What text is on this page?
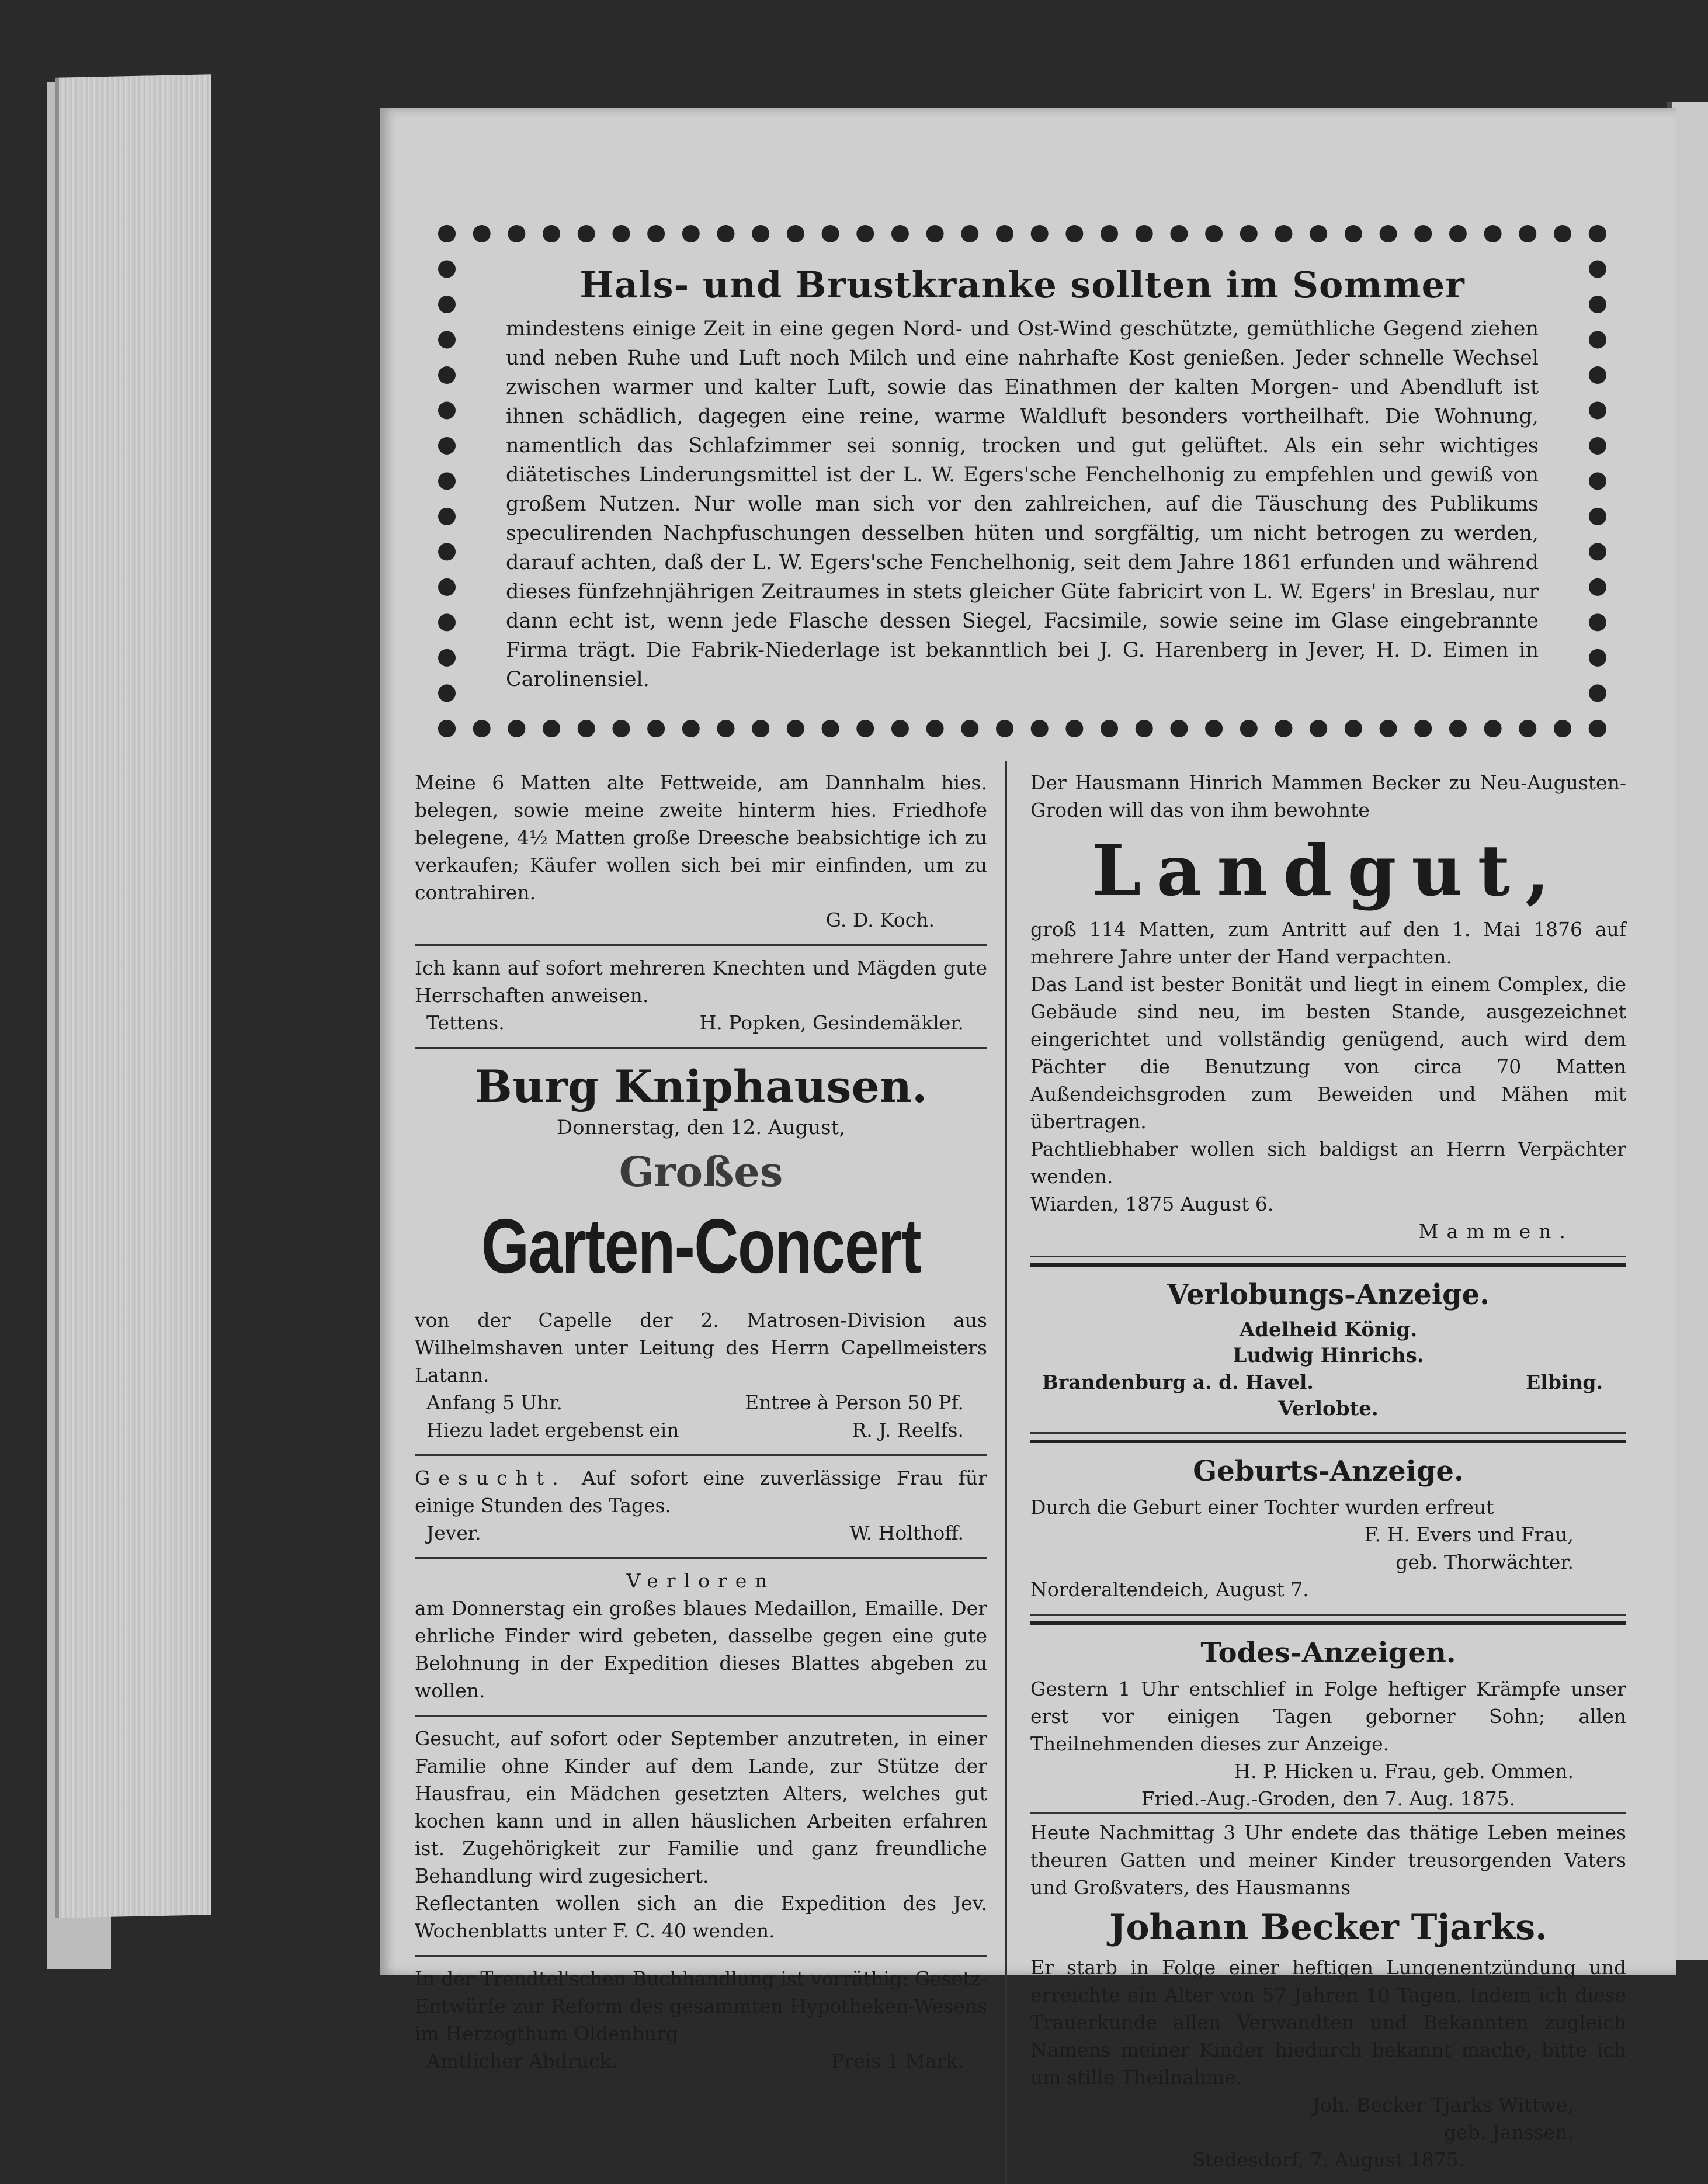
Hals- und Brustkranke sollten im Sommer
mindestens einige Zeit in eine gegen Nord- und Ost-Wind geschützte, gemüthliche Gegend ziehen und neben Ruhe und Luft noch Milch und eine nahrhafte Kost genießen. Jeder schnelle Wechsel zwischen warmer und kalter Luft, sowie das Einathmen der kalten Morgen- und Abendluft ist ihnen schädlich, dagegen eine reine, warme Waldluft besonders vortheilhaft. Die Wohnung, namentlich das Schlafzimmer sei sonnig, trocken und gut gelüftet. Als ein sehr wichtiges diätetisches Linderungsmittel ist der L. W. Egers'sche Fenchelhonig zu empfehlen und gewiß von großem Nutzen. Nur wolle man sich vor den zahlreichen, auf die Täuschung des Publikums speculirenden Nachpfuschungen desselben hüten und sorgfältig, um nicht betrogen zu werden, darauf achten, daß der L. W. Egers'sche Fenchelhonig, seit dem Jahre 1861 erfunden und während dieses fünfzehnjährigen Zeitraumes in stets gleicher Güte fabricirt von L. W. Egers' in Breslau, nur dann echt ist, wenn jede Flasche dessen Siegel, Facsimile, sowie seine im Glase eingebrannte Firma trägt. Die Fabrik-Niederlage ist bekanntlich bei J. G. Harenberg in Jever, H. D. Eimen in Carolinensiel.
Meine 6 Matten alte Fettweide, am Dannhalm hies. belegen, sowie meine zweite hinterm hies. Friedhofe belegene, 4½ Matten große Dreesche beabsichtige ich zu verkaufen; Käufer wollen sich bei mir einfinden, um zu contrahiren.
G. D. Koch.
Ich kann auf sofort mehreren Knechten und Mägden gute Herrschaften anweisen.
Tettens.	H. Popken, Gesindemäkler.
Burg Kniphausen.
Donnerstag, den 12. August,
Großes
Garten-Concert
von der Capelle der 2. Matrosen-Division aus Wilhelmshaven unter Leitung des Herrn Capellmeisters Latann.
Anfang 5 Uhr.	Entree à Person 50 Pf.
Hiezu ladet ergebenst ein	R. J. Reelfs.
Gesucht. Auf sofort eine zuverlässige Frau für einige Stunden des Tages.
Jever.	W. Holthoff.
Verloren
am Donnerstag ein großes blaues Medaillon, Emaille. Der ehrliche Finder wird gebeten, dasselbe gegen eine gute Belohnung in der Expedition dieses Blattes abgeben zu wollen.
Gesucht, auf sofort oder September anzutreten, in einer Familie ohne Kinder auf dem Lande, zur Stütze der Hausfrau, ein Mädchen gesetzten Alters, welches gut kochen kann und in allen häuslichen Arbeiten erfahren ist. Zugehörigkeit zur Familie und ganz freundliche Behandlung wird zugesichert.
Reflectanten wollen sich an die Expedition des Jev. Wochenblatts unter F. C. 40 wenden.
In der Trendtel'schen Buchhandlung ist vorräthig: Gesetz-Entwürfe zur Reform des gesammten Hypotheken-Wesens im Herzogthum Oldenburg
Amtlicher Abdruck.	Preis 1 Mark.
Der Hausmann Hinrich Mammen Becker zu Neu-Augusten-Groden will das von ihm bewohnte
Landgut,
groß 114 Matten, zum Antritt auf den 1. Mai 1876 auf mehrere Jahre unter der Hand verpachten.
Das Land ist bester Bonität und liegt in einem Complex, die Gebäude sind neu, im besten Stande, ausgezeichnet eingerichtet und vollständig genügend, auch wird dem Pächter die Benutzung von circa 70 Matten Außendeichsgroden zum Beweiden und Mähen mit übertragen.
Pachtliebhaber wollen sich baldigst an Herrn Verpächter wenden.
Wiarden, 1875 August 6.
Mammen.
Verlobungs-Anzeige.
Adelheid König.
Ludwig Hinrichs.
Brandenburg a. d. Havel.	Elbing.
Verlobte.
Geburts-Anzeige.
Durch die Geburt einer Tochter wurden erfreut
F. H. Evers und Frau,
geb. Thorwächter.
Norderaltendeich, August 7.
Todes-Anzeigen.
Gestern 1 Uhr entschlief in Folge heftiger Krämpfe unser erst vor einigen Tagen geborner Sohn; allen Theilnehmenden dieses zur Anzeige.
H. P. Hicken u. Frau, geb. Ommen.
Fried.-Aug.-Groden, den 7. Aug. 1875.
Heute Nachmittag 3 Uhr endete das thätige Leben meines theuren Gatten und meiner Kinder treusorgenden Vaters und Großvaters, des Hausmanns
Johann Becker Tjarks.
Er starb in Folge einer heftigen Lungenentzündung und erreichte ein Alter von 57 Jahren 10 Tagen. Indem ich diese Trauerkunde allen Verwandten und Bekannten zugleich Namens meiner Kinder hiedurch bekannt mache, bitte ich um stille Theilnahme.
Joh. Becker Tjarks Wittwe,
geb. Janssen.
Stedesdorf, 7. August 1875.
